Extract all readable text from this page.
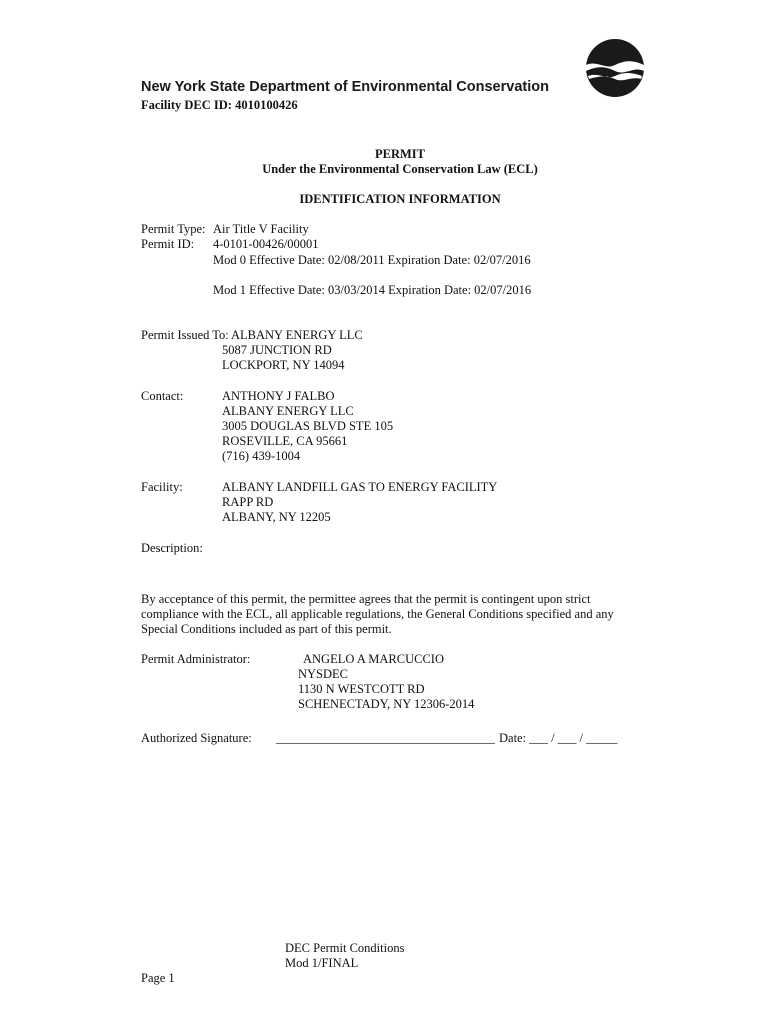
New York State Department of Environmental Conservation
Facility DEC ID: 4010100426
PERMIT
Under the Environmental Conservation Law (ECL)
IDENTIFICATION INFORMATION
Permit Type: Air Title V Facility
Permit ID: 4-0101-00426/00001
Mod 0 Effective Date: 02/08/2011 Expiration Date: 02/07/2016
Mod 1 Effective Date: 03/03/2014 Expiration Date: 02/07/2016
Permit Issued To: ALBANY ENERGY LLC
5087 JUNCTION RD
LOCKPORT, NY 14094
Contact:	ANTHONY J FALBO
ALBANY ENERGY LLC
3005 DOUGLAS BLVD STE 105
ROSEVILLE, CA 95661
(716) 439-1004
Facility:	ALBANY LANDFILL GAS TO ENERGY FACILITY
RAPP RD
ALBANY, NY 12205
Description:
By acceptance of this permit, the permittee agrees that the permit is contingent upon strict compliance with the ECL, all applicable regulations, the General Conditions specified and any Special Conditions included as part of this permit.
Permit Administrator:	ANGELO A MARCUCCIO
NYSDEC
1130 N WESTCOTT RD
SCHENECTADY, NY 12306-2014
Authorized Signature: ___________________________________ Date: ___ / ___ / _____
DEC Permit Conditions
Mod 1/FINAL
Page 1
